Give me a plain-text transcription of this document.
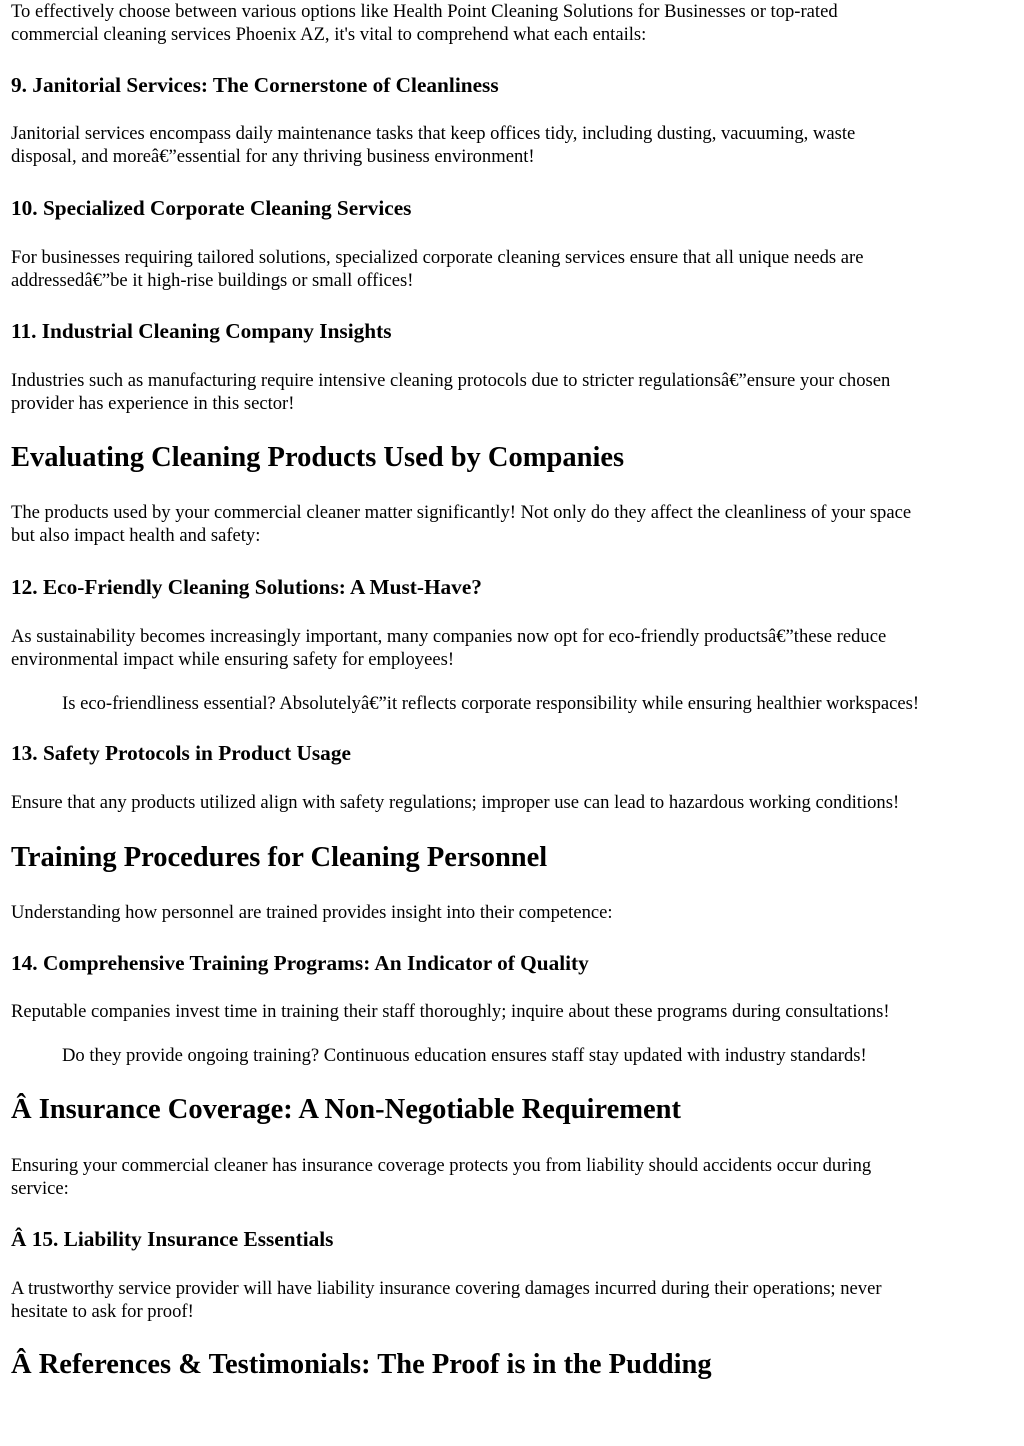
To effectively choose between various options like Health Point Cleaning Solutions for Businesses or top-rated
commercial cleaning services Phoenix AZ, it's vital to comprehend what each entails:

9. Janitorial Services: The Cornerstone of Cleanliness

Janitorial services encompass daily maintenance tasks that keep offices tidy, including dusting, vacuuming, waste
disposal, and moreâ€”essential for any thriving business environment!

10. Specialized Corporate Cleaning Services

For businesses requiring tailored solutions, specialized corporate cleaning services ensure that all unique needs are
addressedâ€”be it high-rise buildings or small offices!

11. Industrial Cleaning Company Insights

Industries such as manufacturing require intensive cleaning protocols due to stricter regulationsâ€”ensure your chosen
provider has experience in this sector!

Evaluating Cleaning Products Used by Companies

The products used by your commercial cleaner matter significantly! Not only do they affect the cleanliness of your space
but also impact health and safety:

12. Eco-Friendly Cleaning Solutions: A Must-Have?

As sustainability becomes increasingly important, many companies now opt for eco-friendly productsâ€”these reduce
environmental impact while ensuring safety for employees!

Is eco-friendliness essential? Absolutelyâ€”it reflects corporate responsibility while ensuring healthier workspaces!
13. Safety Protocols in Product Usage

Ensure that any products utilized align with safety regulations; improper use can lead to hazardous working conditions!

Training Procedures for Cleaning Personnel

Understanding how personnel are trained provides insight into their competence:

14. Comprehensive Training Programs: An Indicator of Quality

Reputable companies invest time in training their staff thoroughly; inquire about these programs during consultations!

Do they provide ongoing training? Continuous education ensures staff stay updated with industry standards!
Â Insurance Coverage: A Non-Negotiable Requirement

Ensuring your commercial cleaner has insurance coverage protects you from liability should accidents occur during
service:

Â 15. Liability Insurance Essentials

A trustworthy service provider will have liability insurance covering damages incurred during their operations; never
hesitate to ask for proof!

Â References & Testimonials: The Proof is in the Pudding
